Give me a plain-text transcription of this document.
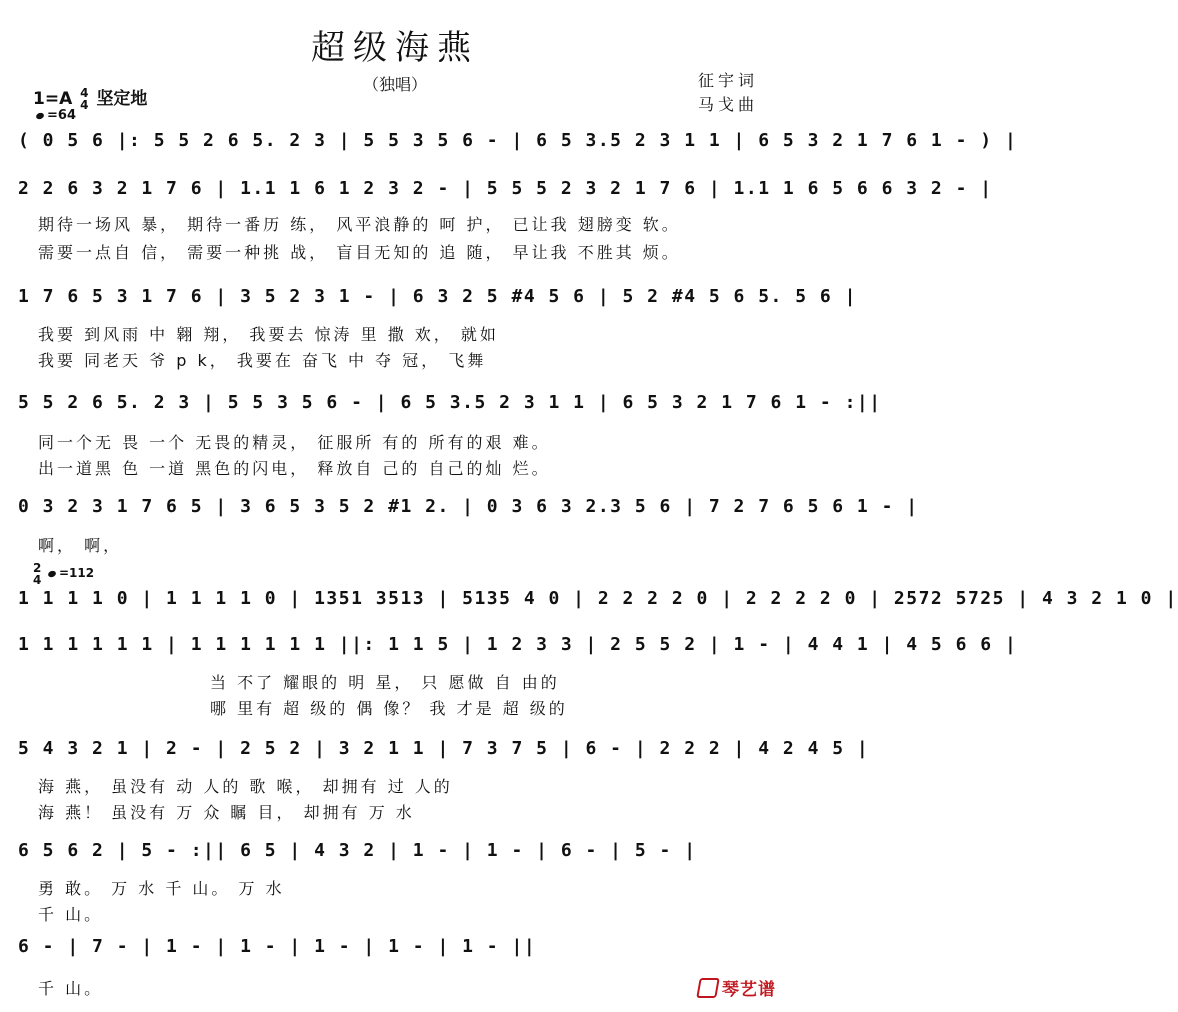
超级海燕
（独唱）	征宇词
马戈曲
1=A 4
4 坚定地
=64
( 0 5 6 |: 5 5 2 6 5. 2 3 | 5 5 3 5 6 - | 6 5 3.5 2 3 1 1 | 6 5 3 2 1 7 6 1 - ) |
2 2 6 3 2 1 7 6 | 1.1 1 6 1 2 3 2 - | 5 5 5 2 3 2 1 7 6 | 1.1 1 6 5 6 6 3 2 - |
期待一场风 暴， 期待一番历 练， 风平浪静的 呵 护， 已让我 翅膀变 软。
需要一点自 信， 需要一种挑 战， 盲目无知的 追 随， 早让我 不胜其 烦。
1 7 6 5 3 1 7 6 | 3 5 2 3 1 - | 6 3 2 5 #4 5 6 | 5 2 #4 5 6 5. 5 6 |
我要 到风雨 中 翱 翔， 我要去 惊涛 里 撒 欢， 就如
我要 同老天 爷 p k， 我要在 奋飞 中 夺 冠， 飞舞
5 5 2 6 5. 2 3 | 5 5 3 5 6 - | 6 5 3.5 2 3 1 1 | 6 5 3 2 1 7 6 1 - :||
同一个无 畏 一个 无畏的精灵， 征服所 有的 所有的艰 难。
出一道黑 色 一道 黑色的闪电， 释放自 己的 自己的灿 烂。
0 3 2 3 1 7 6 5 | 3 6 5 3 5 2 #1 2. | 0 3 6 3 2.3 5 6 | 7 2 7 6 5 6 1 - |
啊， 啊，
2
4	=112
1 1 1 1 0 | 1 1 1 1 0 | 1351 3513 | 5135 4 0 | 2 2 2 2 0 | 2 2 2 2 0 | 2572 5725 | 4 3 2 1 0 |
1 1 1 1 1 1 | 1 1 1 1 1 1 ||: 1 1 5 | 1 2 3 3 | 2 5 5 2 | 1 - | 4 4 1 | 4 5 6 6 |
当 不了 耀眼的 明 星， 只 愿做 自 由的
哪 里有 超 级的 偶 像？ 我 才是 超 级的
5 4 3 2 1 | 2 - | 2 5 2 | 3 2 1 1 | 7 3 7 5 | 6 - | 2 2 2 | 4 2 4 5 |
海 燕， 虽没有 动 人的 歌 喉， 却拥有 过 人的
海 燕！ 虽没有 万 众 瞩 目， 却拥有 万 水
6 5 6 2 | 5 - :|| 6 5 | 4 3 2 | 1 - | 1 - | 6 - | 5 - |
勇 敢。 万 水 千 山。 万 水
千 山。
6 - | 7 - | 1 - | 1 - | 1 - | 1 - | 1 - ||
千 山。	琴艺谱
